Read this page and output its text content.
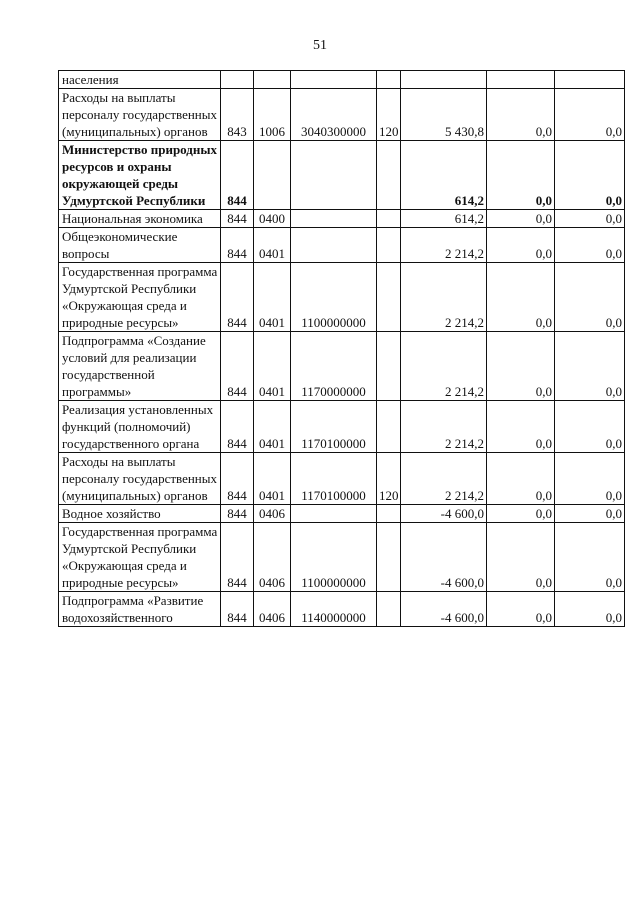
51
населения							
Расходы на выплаты персоналу государственных (муниципальных) органов	843	1006	3040300000	120	5 430,8	0,0	0,0
Министерство природных ресурсов и охраны окружающей среды Удмуртской Республики	844				614,2	0,0	0,0
Национальная экономика	844	0400			614,2	0,0	0,0
Общеэкономические вопросы	844	0401			2 214,2	0,0	0,0
Государственная программа Удмуртской Республики «Окружающая среда и природные ресурсы»	844	0401	1100000000		2 214,2	0,0	0,0
Подпрограмма «Создание условий для реализации государственной программы»	844	0401	1170000000		2 214,2	0,0	0,0
Реализация установленных функций (полномочий) государственного органа	844	0401	1170100000		2 214,2	0,0	0,0
Расходы на выплаты персоналу государственных (муниципальных) органов	844	0401	1170100000	120	2 214,2	0,0	0,0
Водное хозяйство	844	0406			-4 600,0	0,0	0,0
Государственная программа Удмуртской Республики «Окружающая среда и природные ресурсы»	844	0406	1100000000		-4 600,0	0,0	0,0
Подпрограмма «Развитие водохозяйственного	844	0406	1140000000		-4 600,0	0,0	0,0
